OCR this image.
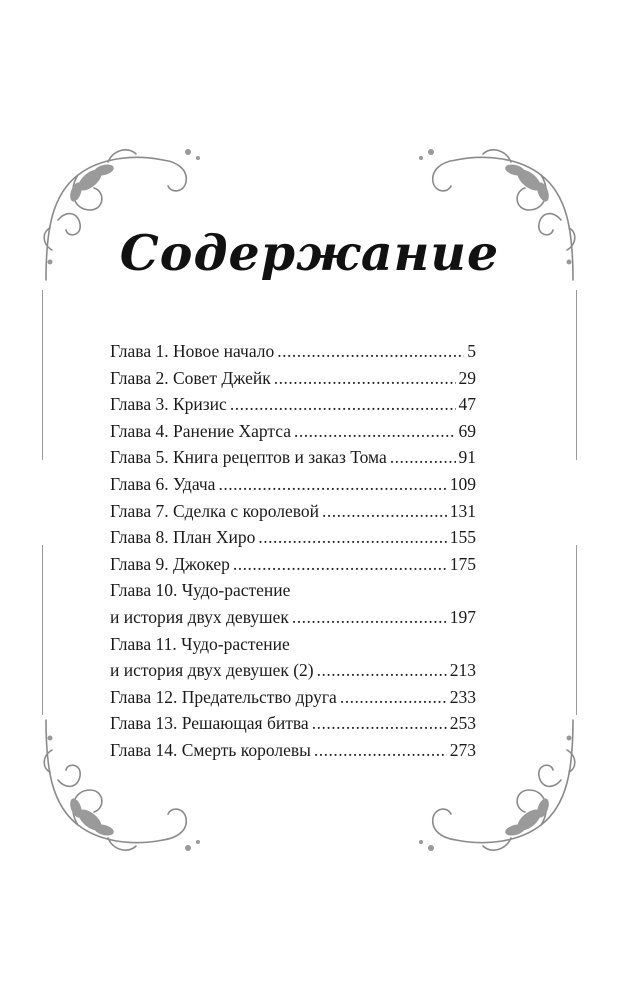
Содержание
Глава 1. Новое начало .....	5
Глава 2. Совет Джейк .....	29
Глава 3. Кризис .....	47
Глава 4. Ранение Хартса .....	69
Глава 5. Книга рецептов и заказ Тома .....	91
Глава 6. Удача .....	109
Глава 7. Сделка с королевой .....	131
Глава 8. План Хиро .....	155
Глава 9. Джокер .....	175
Глава 10. Чудо-растение
и история двух девушек .....	197
Глава 11. Чудо-растение
и история двух девушек (2) .....	213
Глава 12. Предательство друга .....	233
Глава 13. Решающая битва .....	253
Глава 14. Смерть королевы .....	273
